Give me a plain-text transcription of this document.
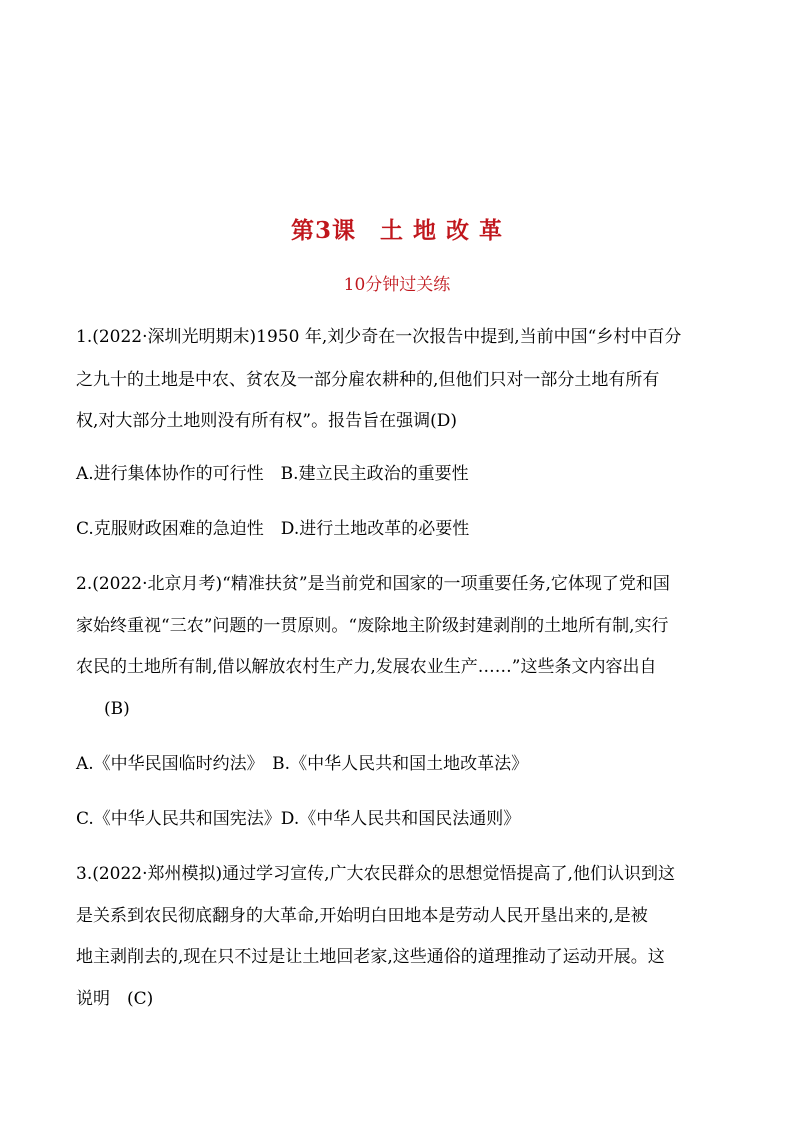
第3课　土 地 改 革
10分钟过关练
1.(2022·深圳光明期末)1950 年,刘少奇在一次报告中提到,当前中国“乡村中百分
之九十的土地是中农、贫农及一部分雇农耕种的,但他们只对一部分土地有所有
权,对大部分土地则没有所有权”。报告旨在强调(D)
A.进行集体协作的可行性　B.建立民主政治的重要性
C.克服财政困难的急迫性　D.进行土地改革的必要性
2.(2022·北京月考)“精准扶贫”是当前党和国家的一项重要任务,它体现了党和国
家始终重视“三农”问题的一贯原则。“废除地主阶级封建剥削的土地所有制,实行
农民的土地所有制,借以解放农村生产力,发展农业生产……”这些条文内容出自
(B)
A.《中华民国临时约法》　B.《中华人民共和国土地改革法》
C.《中华人民共和国宪法》D.《中华人民共和国民法通则》
3.(2022·郑州模拟)通过学习宣传,广大农民群众的思想觉悟提高了,他们认识到这
是关系到农民彻底翻身的大革命,开始明白田地本是劳动人民开垦出来的,是被
地主剥削去的,现在只不过是让土地回老家,这些通俗的道理推动了运动开展。这
说明　(C)
